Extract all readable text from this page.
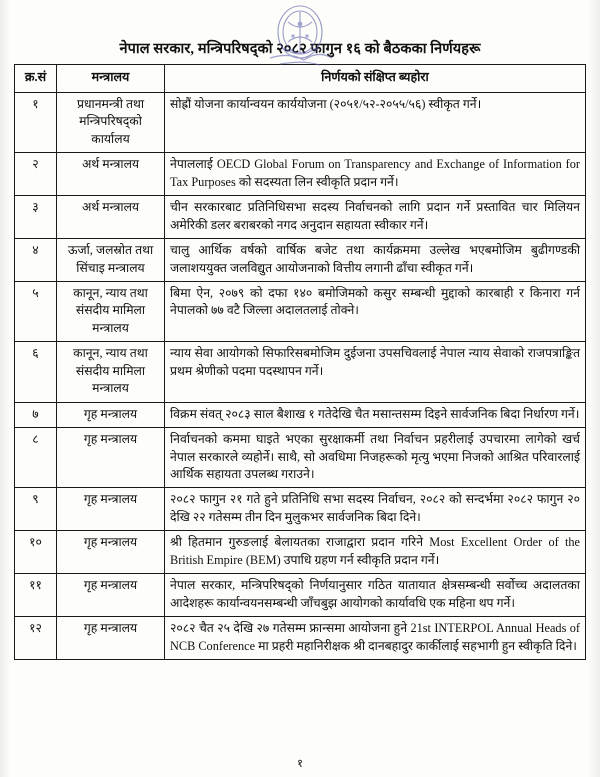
नेपाल सरकार, मन्त्रिपरिषद्को २०८२ फागुन १६ को बैठकका निर्णयहरू
क्र.सं	मन्त्रालय	निर्णयको संक्षिप्त ब्यहोरा
१	प्रधानमन्त्री तथा मन्त्रिपरिषद्को कार्यालय	सोह्रौं योजना कार्यान्वयन कार्ययोजना (२०५१/५२-२०५५/५६) स्वीकृत गर्ने।
२	अर्थ मन्त्रालय	नेपाललाई OECD Global Forum on Transparency and Exchange of Information for Tax Purposes को सदस्यता लिन स्वीकृति प्रदान गर्ने।
३	अर्थ मन्त्रालय	चीन सरकारबाट प्रतिनिधिसभा सदस्य निर्वाचनको लागि प्रदान गर्ने प्रस्तावित चार मिलियन अमेरिकी डलर बराबरको नगद अनुदान सहायता स्वीकार गर्ने।
४	ऊर्जा, जलस्रोत तथा सिंचाइ मन्त्रालय	चालु आर्थिक वर्षको वार्षिक बजेट तथा कार्यक्रममा उल्लेख भएबमोजिम बुढीगण्डकी जलाशययुक्त जलविद्युत आयोजनाको वित्तीय लगानी ढाँचा स्वीकृत गर्ने।
५	कानून, न्याय तथा संसदीय मामिला मन्त्रालय	बिमा ऐन, २०७९ को दफा १४० बमोजिमको कसुर सम्बन्धी मुद्दाको कारबाही र किनारा गर्न नेपालको ७७ वटै जिल्ला अदालतलाई तोक्ने।
६	कानून, न्याय तथा संसदीय मामिला मन्त्रालय	न्याय सेवा आयोगको सिफारिसबमोजिम दुईजना उपसचिवलाई नेपाल न्याय सेवाको राजपत्राङ्कित प्रथम श्रेणीको पदमा पदस्थापन गर्ने।
७	गृह मन्त्रालय	विक्रम संवत् २०८३ साल बैशाख १ गतेदेखि चैत मसान्तसम्म दिइने सार्वजनिक बिदा निर्धारण गर्ने।
८	गृह मन्त्रालय	निर्वाचनको कममा घाइते भएका सुरक्षाकर्मी तथा निर्वाचन प्रहरीलाई उपचारमा लागेको खर्च नेपाल सरकारले व्यहोर्ने। साथै, सो अवधिमा निजहरूको मृत्यु भएमा निजको आश्रित परिवारलाई आर्थिक सहायता उपलब्ध गराउने।
९	गृह मन्त्रालय	२०८२ फागुन २१ गते हुने प्रतिनिधि सभा सदस्य निर्वाचन, २०८२ को सन्दर्भमा २०८२ फागुन २० देखि २२ गतेसम्म तीन दिन मुलुकभर सार्वजनिक बिदा दिने।
१०	गृह मन्त्रालय	श्री हितमान गुरुङलाई बेलायतका राजाद्वारा प्रदान गरिने Most Excellent Order of the British Empire (BEM) उपाधि ग्रहण गर्न स्वीकृति प्रदान गर्ने।
११	गृह मन्त्रालय	नेपाल सरकार, मन्त्रिपरिषद्को निर्णयानुसार गठित यातायात क्षेत्रसम्बन्धी सर्वोच्च अदालतका आदेशहरू कार्यान्वयनसम्बन्धी जाँचबुझ आयोगको कार्यावधि एक महिना थप गर्ने।
१२	गृह मन्त्रालय	२०८२ चैत २५ देखि २७ गतेसम्म फ्रान्समा आयोजना हुने 21st INTERPOL Annual Heads of NCB Conference मा प्रहरी महानिरीक्षक श्री दानबहादुर कार्कीलाई सहभागी हुन स्वीकृति दिने।
१
